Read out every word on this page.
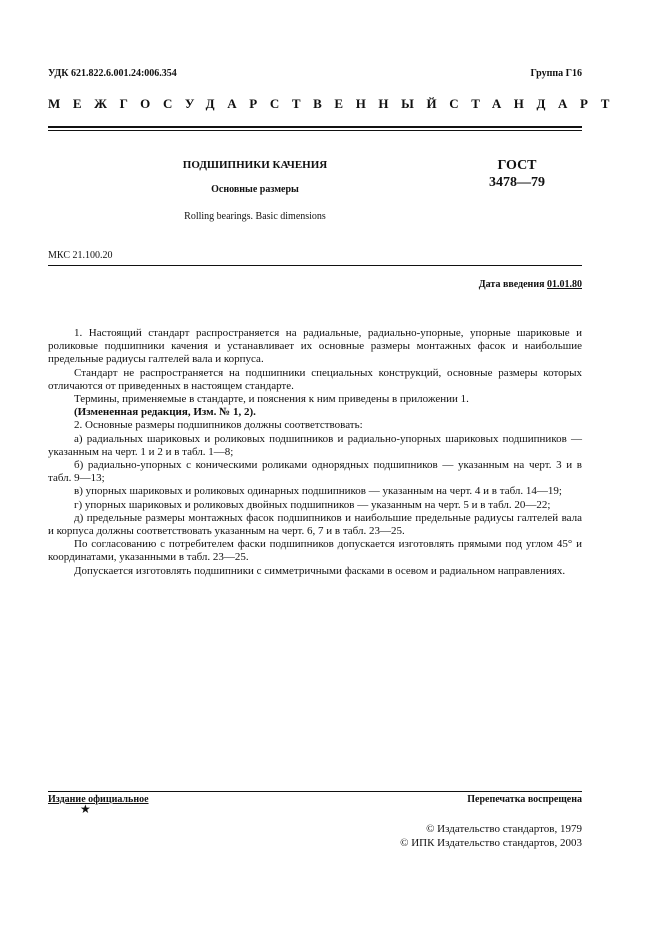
УДК 621.822.6.001.24:006.354	Группа Г16
МЕЖГОСУДАРСТВЕННЫЙ СТАНДАРТ
ПОДШИПНИКИ КАЧЕНИЯ
Основные размеры
Rolling bearings. Basic dimensions
ГОСТ
3478—79
МКС 21.100.20
Дата введения 01.01.80

1. Настоящий стандарт распространяется на радиальные, радиально-упорные, упорные шариковые и роликовые подшипники качения и устанавливает их основные размеры монтажных фасок и наибольшие предельные радиусы галтелей вала и корпуса.

Стандарт не распространяется на подшипники специальных конструкций, основные размеры которых отличаются от приведенных в настоящем стандарте.

Термины, применяемые в стандарте, и пояснения к ним приведены в приложении 1.

(Измененная редакция, Изм. № 1, 2).

2. Основные размеры подшипников должны соответствовать:

а) радиальных шариковых и роликовых подшипников и радиально-упорных шариковых подшипников — указанным на черт. 1 и 2 и в табл. 1—8;

б) радиально-упорных с коническими роликами однорядных подшипников — указанным на черт. 3 и в табл. 9—13;

в) упорных шариковых и роликовых одинарных подшипников — указанным на черт. 4 и в табл. 14—19;

г) упорных шариковых и роликовых двойных подшипников — указанным на черт. 5 и в табл. 20—22;

д) предельные размеры монтажных фасок подшипников и наибольшие предельные радиусы галтелей вала и корпуса должны соответствовать указанным на черт. 6, 7 и в табл. 23—25.

По согласованию с потребителем фаски подшипников допускается изготовлять прямыми под углом 45° и координатами, указанными в табл. 23—25.

Допускается изготовлять подшипники с симметричными фасками в осевом и радиальном направлениях.

Издание официальное	Перепечатка воспрещена
★
© Издательство стандартов, 1979
© ИПК Издательство стандартов, 2003
